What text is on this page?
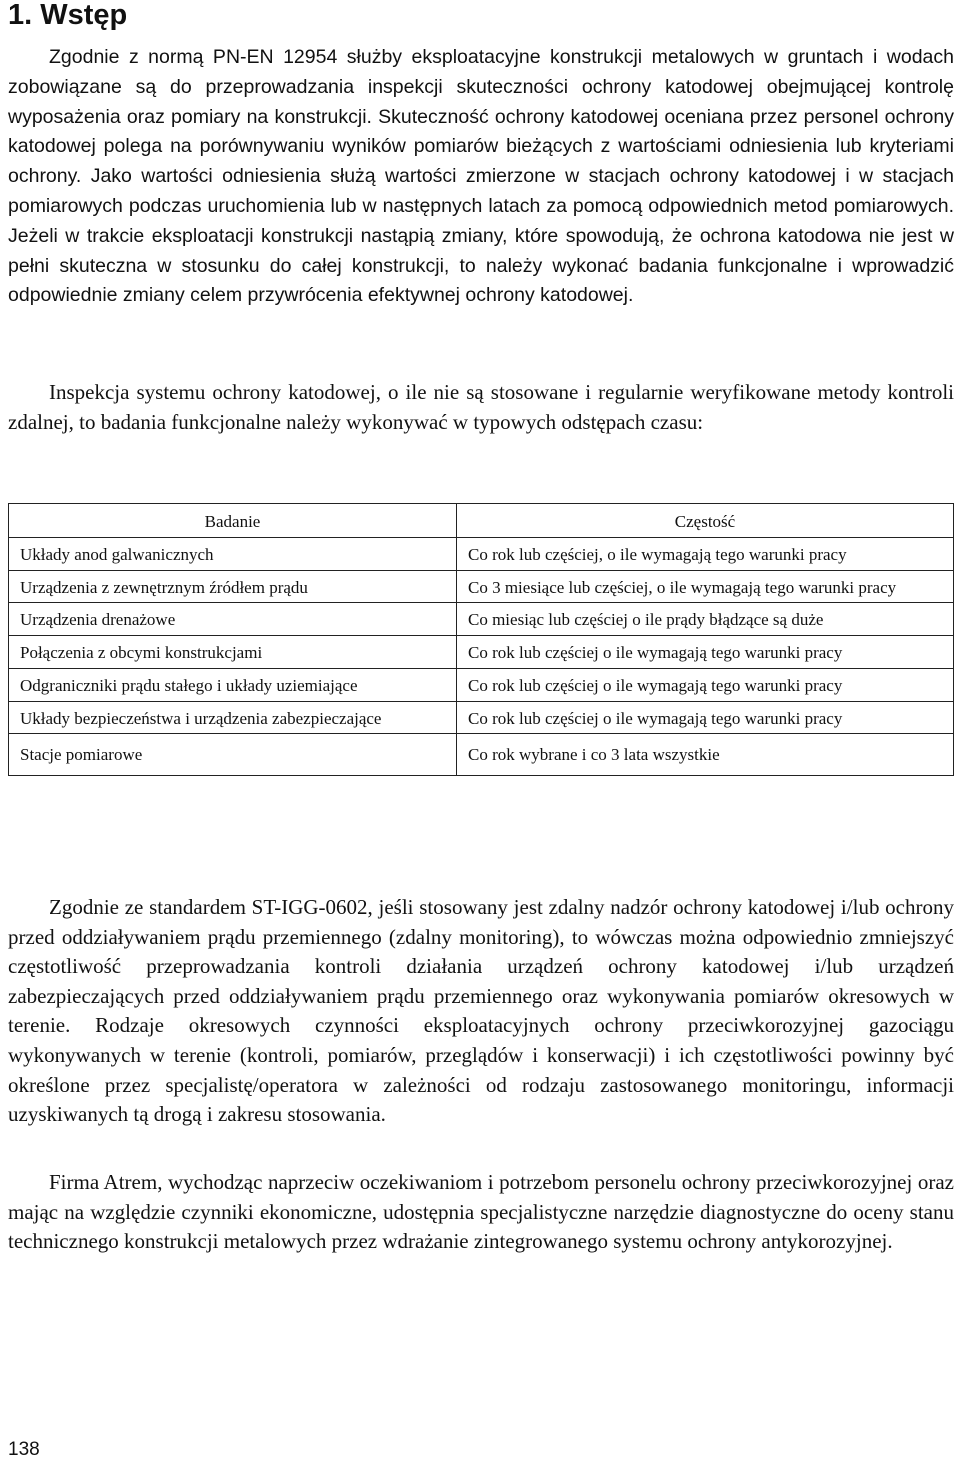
1. Wstęp

Zgodnie z normą PN-EN 12954 służby eksploatacyjne konstrukcji metalowych w gruntach i wodach zobowiązane są do przeprowadzania inspekcji skuteczności ochrony katodowej obejmującej kontrolę wyposażenia oraz pomiary na konstrukcji. Skuteczność ochrony katodowej oceniana przez personel ochrony katodowej polega na porównywaniu wyników pomiarów bieżących z wartościami odniesienia lub kryteriami ochrony. Jako wartości odniesienia służą wartości zmierzone w stacjach ochrony katodowej i w stacjach pomiarowych podczas uruchomienia lub w następnych latach za pomocą odpowiednich metod pomiarowych. Jeżeli w trakcie eksploatacji konstrukcji nastąpią zmiany, które spowodują, że ochrona katodowa nie jest w pełni skuteczna w stosunku do całej konstrukcji, to należy wykonać badania funkcjonalne i wprowadzić odpowiednie zmiany celem przywrócenia efektywnej ochrony katodowej.

Inspekcja systemu ochrony katodowej, o ile nie są stosowane i regularnie weryfikowane metody kontroli zdalnej, to badania funkcjonalne należy wykonywać w typowych odstępach czasu:

Badanie	Częstość
Układy anod galwanicznych	Co rok lub częściej, o ile wymagają tego warunki pracy
Urządzenia z zewnętrznym źródłem prądu	Co 3 miesiące lub częściej, o ile wymagają tego warunki pracy
Urządzenia drenażowe	Co miesiąc lub częściej o ile prądy błądzące są duże
Połączenia z obcymi konstrukcjami	Co rok lub częściej o ile wymagają tego warunki pracy
Odgraniczniki prądu stałego i układy uziemiające	Co rok lub częściej o ile wymagają tego warunki pracy
Układy bezpieczeństwa i urządzenia zabezpieczające	Co rok lub częściej o ile wymagają tego warunki pracy
Stacje pomiarowe	Co rok wybrane i co 3 lata wszystkie

Zgodnie ze standardem ST-IGG-0602, jeśli stosowany jest zdalny nadzór ochrony katodowej i/lub ochrony przed oddziaływaniem prądu przemiennego (zdalny monitoring), to wówczas można odpowiednio zmniejszyć częstotliwość przeprowadzania kontroli działania urządzeń ochrony katodowej i/lub urządzeń zabezpieczających przed oddziaływaniem prądu przemiennego oraz wykonywania pomiarów okresowych w terenie. Rodzaje okresowych czynności eksploatacyjnych ochrony przeciwkorozyjnej gazociągu wykonywanych w terenie (kontroli, pomiarów, przeglądów i konserwacji) i ich częstotliwości powinny być określone przez specjalistę/operatora w zależności od rodzaju zastosowanego monitoringu, informacji uzyskiwanych tą drogą i zakresu stosowania.

Firma Atrem, wychodząc naprzeciw oczekiwaniom i potrzebom personelu ochrony przeciwkorozyjnej oraz mając na względzie czynniki ekonomiczne, udostępnia specjalistyczne narzędzie diagnostyczne do oceny stanu technicznego konstrukcji metalowych przez wdrażanie zintegrowanego systemu ochrony antykorozyjnej.

138
